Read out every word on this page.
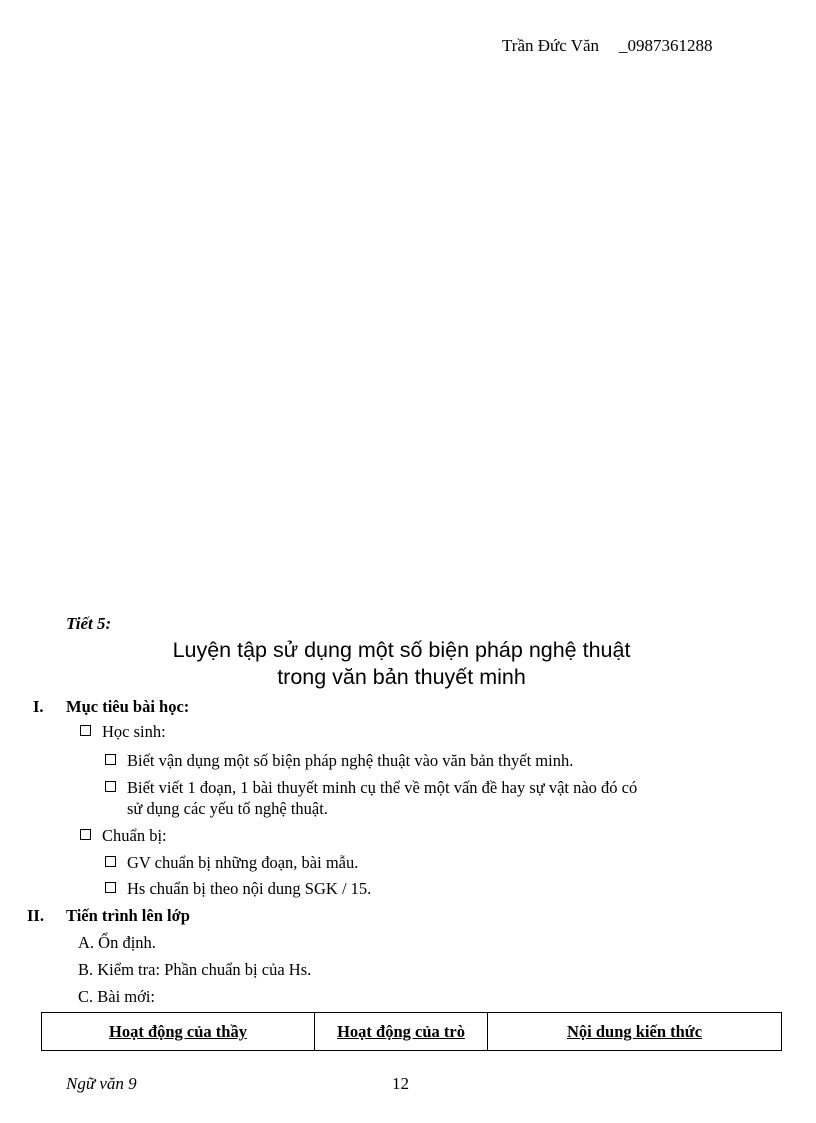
Trần Đức Văn _0987361288
Tiết 5:
Luyện tập sử dụng một số biện pháp nghệ thuật
trong văn bản thuyết minh
I. Mục tiêu bài học:
Học sinh:
Biết vận dụng một số biện pháp nghệ thuật vào văn bản thyết minh.
Biết viết 1 đoạn, 1 bài thuyết minh cụ thể về một vấn đề hay sự vật nào đó có
sử dụng các yếu tố nghệ thuật.
Chuẩn bị:
GV chuẩn bị những đoạn, bài mẫu.
Hs chuẩn bị theo nội dung SGK / 15.
II. Tiến trình lên lớp
A. Ổn định.
B. Kiểm tra: Phần chuẩn bị của Hs.
C. Bài mới:
Hoạt động của thầy	Hoạt động của trò	Nội dung kiến thức
Ngữ văn 9	12
